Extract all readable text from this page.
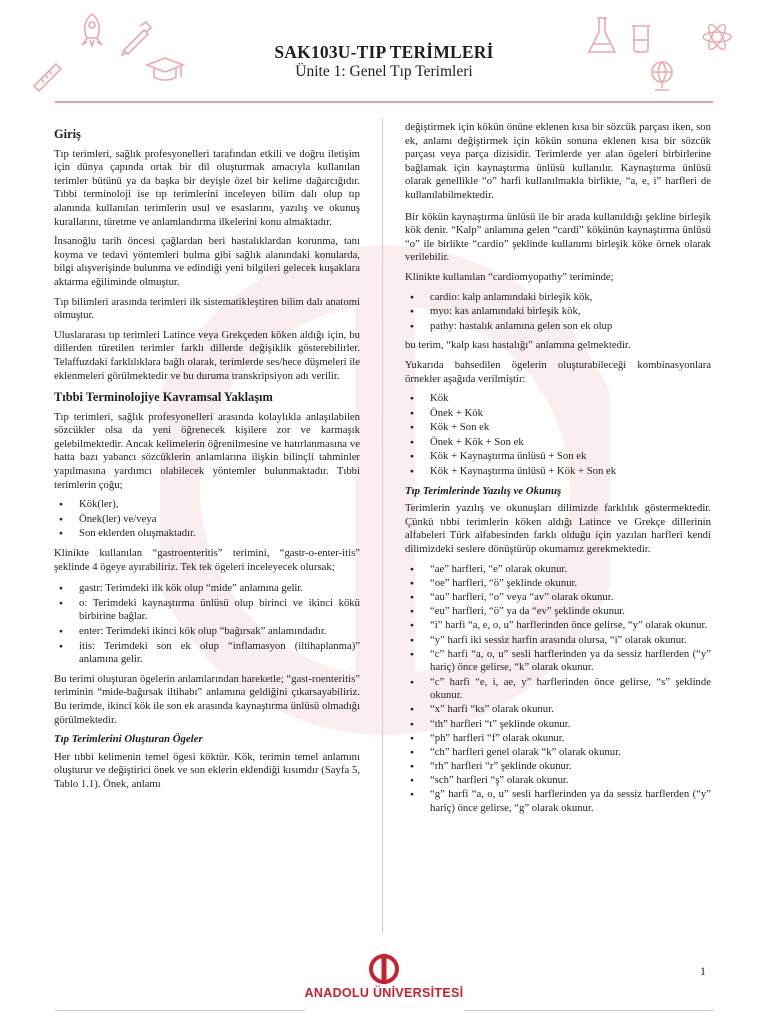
SAK103U-TIP TERİMLERİ
Ünite 1: Genel Tıp Terimleri
Giriş

Tıp terimleri, sağlık profesyonelleri tarafından etkili ve doğru iletişim için dünya çapında ortak bir dil oluşturmak amacıyla kullanılan terimler bütünü ya da başka bir deyişle özel bir kelime dağarcığıdır. Tıbbi terminoloji ise tıp terimlerini inceleyen bilim dalı olup tıp alanında kullanılan terimlerin usul ve esaslarını, yazılış ve okunuş kurallarını, türetme ve anlamlandırma ilkelerini konu almaktadır.

İnsanoğlu tarih öncesi çağlardan beri hastalıklardan korunma, tanı koyma ve tedavi yöntemleri bulma gibi sağlık alanındaki konularda, bilgi alışverişinde bulunma ve edindiği yeni bilgileri gelecek kuşaklara aktarma eğiliminde olmuştur.

Tıp bilimleri arasında terimleri ilk sistematikleştiren bilim dalı anatomi olmuştur.

Uluslararası tıp terimleri Latince veya Grekçeden köken aldığı için, bu dillerden türetilen terimler farklı dillerde değişiklik gösterebilirler. Telaffuzdaki farklılıklara bağlı olarak, terimlerde ses/hece düşmeleri ile eklenmeleri görülmektedir ve bu duruma transkripsiyon adı verilir.

Tıbbi Terminolojiye Kavramsal Yaklaşım

Tıp terimleri, sağlık profesyonelleri arasında kolaylıkla anlaşılabilen sözcükler olsa da yeni öğrenecek kişilere zor ve karmaşık gelebilmektedir. Ancak kelimelerin öğrenilmesine ve hatırlanmasına ve hatta bazı yabancı sözcüklerin anlamlarına ilişkin bilinçli tahminler yapılmasına yardımcı olabilecek yöntemler bulunmaktadır. Tıbbi terimlerin çoğu;

● Kök(ler),
● Önek(ler) ve/veya
● Son eklerden oluşmaktadır.

Klinikte kullanılan “gastroenteritis” terimini, “gastr-o-enter-itis” şeklinde 4 ögeye ayırabiliriz. Tek tek ögeleri inceleyecek olursak;

● gastr: Terimdeki ilk kök olup “mide” anlamına gelir.
● o: Terimdeki kaynaştırma ünlüsü olup birinci ve ikinci kökü birbirine bağlar.
● enter: Terimdeki ikinci kök olup “bağırsak” anlamındadır.
● itis: Terimdeki son ek olup “inflamasyon (iltihaplanma)” anlamına gelir.

Bu terimi oluşturan ögelerin anlamlarından hareketle; “gast-roenteritis” teriminin “mide-bağırsak iltihabı” anlamına geldiğini çıkarsayabiliriz. Bu terimde, ikinci kök ile son ek arasında kaynaştırma ünlüsü olmadığı görülmektedir.

Tıp Terimlerini Oluşturan Ögeler

Her tıbbi kelimenin temel ögesi köktür. Kök, terimin temel anlamını oluşturur ve değiştirici önek ve son eklerin eklendiği kısımdır (Sayfa 5, Tablo 1.1). Önek, anlamı

değiştirmek için kökün önüne eklenen kısa bir sözcük parçası iken, son ek, anlamı değiştirmek için kökün sonuna eklenen kısa bir sözcük parçası veya parça dizisidir. Terimlerde yer alan ögeleri birbirlerine bağlamak için kaynaştırma ünlüsü kullanılır. Kaynaştırma ünlüsü olarak genellikle “o” harfi kullanılmakla birlikte, “a, e, i” harfleri de kullanılabilmektedir.

Bir kökün kaynaştırma ünlüsü ile bir arada kullanıldığı şekline birleşik kök denir. “Kalp” anlamına gelen “cardi” kökünün kaynaştırma ünlüsü “o” ile birlikte “cardio” şeklinde kullanımı birleşik köke örnek olarak verilebilir.

Klinikte kullanılan “cardiomyopathy” teriminde;

● cardio: kalp anlamındaki birleşik kök,
● myo: kas anlamındaki birleşik kök,
● pathy: hastalık anlamına gelen son ek olup

bu terim, “kalp kası hastalığı” anlamına gelmektedir.

Yukarıda bahsedilen ögelerin oluşturabileceği kombinasyonlara örnekler aşağıda verilmiştir:

● Kök
● Önek + Kök
● Kök + Son ek
● Önek + Kök + Son ek
● Kök + Kaynaştırma ünlüsü + Son ek
● Kök + Kaynaştırma ünlüsü + Kök + Son ek
Tıp Terimlerinde Yazılış ve Okunuş

Terimlerin yazılış ve okunuşları dilimizde farklılık göstermektedir. Çünkü tıbbi terimlerin köken aldığı Latince ve Grekçe dillerinin alfabeleri Türk alfabesinden farklı olduğu için yazılan harfleri kendi dilimizdeki seslere dönüştürüp okumamız gerekmektedir.

● “ae” harfleri, “e” olarak okunur.
● “oe” harfleri, “ö” şeklinde okunur.
● “au” harfleri, “o” veya “av” olarak okunur.
● “eu” harfleri, “ö” ya da “ev” şeklinde okunur.
● “i” harfi “a, e, o, u” harflerinden önce gelirse, “y” olarak okunur.
● “y” harfi iki sessiz harfin arasında olursa, “i” olarak okunur.
● “c” harfi “a, o, u” sesli harflerinden ya da sessiz harflerden (“y” hariç) önce gelirse, “k” olarak okunur.
● “c” harfi “e, i, ae, y” harflerinden önce gelirse, “s” şeklinde okunur.
● “x” harfi “ks” olarak okunur.
● “th” harfleri “t” şeklinde okunur.
● “ph” harfleri “f” olarak okunur.
● “ch” harfleri genel olarak “k” olarak okunur.
● “rh” harfleri “r” şeklinde okunur.
● “sch” harfleri “ş” olarak okunur.
● “g” harfi “a, o, u” sesli harflerinden ya da sessiz harflerden (“y” hariç) önce gelirse, “g” olarak okunur.
1
ANADOLU ÜNİVERSİTESİ
